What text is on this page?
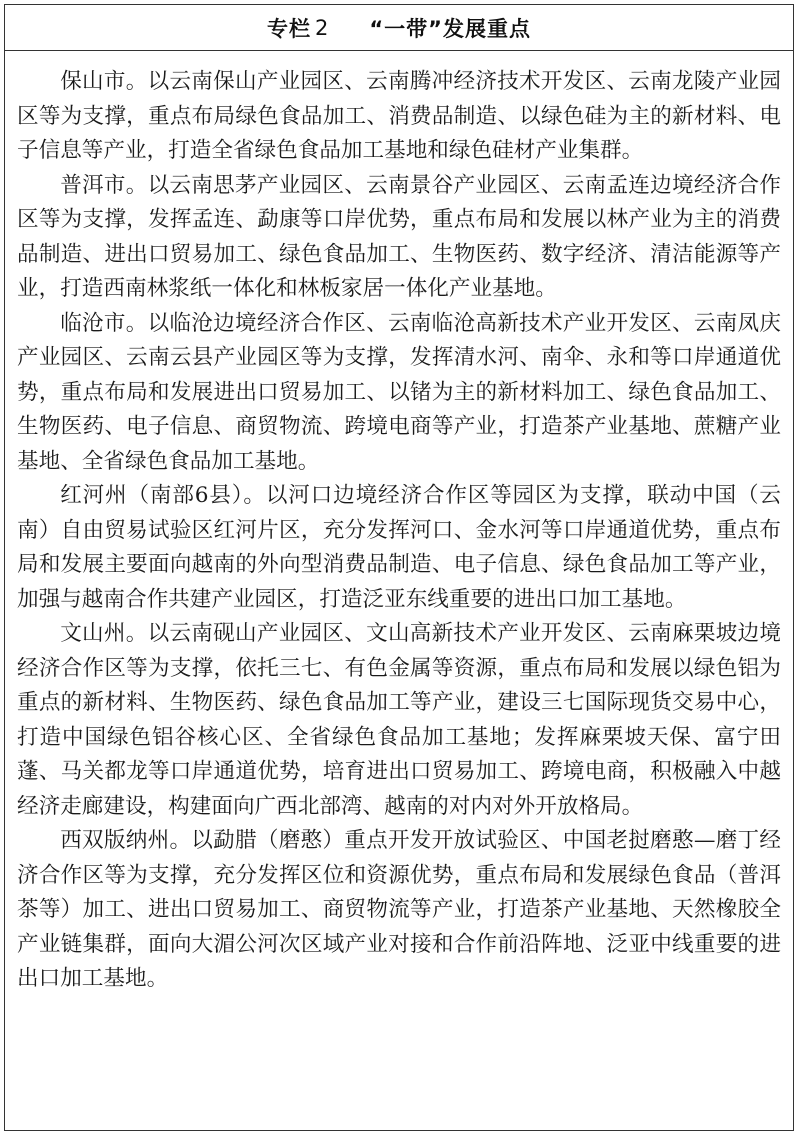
专栏 2 “一带”发展重点

保山市。以云南保山产业园区、云南腾冲经济技术开发区、云南龙陵产业园区等为支撑，重点布局绿色食品加工、消费品制造、以绿色硅为主的新材料、电子信息等产业，打造全省绿色食品加工基地和绿色硅材产业集群。

普洱市。以云南思茅产业园区、云南景谷产业园区、云南孟连边境经济合作区等为支撑，发挥孟连、勐康等口岸优势，重点布局和发展以林产业为主的消费品制造、进出口贸易加工、绿色食品加工、生物医药、数字经济、清洁能源等产业，打造西南林浆纸一体化和林板家居一体化产业基地。

临沧市。以临沧边境经济合作区、云南临沧高新技术产业开发区、云南凤庆产业园区、云南云县产业园区等为支撑，发挥清水河、南伞、永和等口岸通道优势，重点布局和发展进出口贸易加工、以锗为主的新材料加工、绿色食品加工、生物医药、电子信息、商贸物流、跨境电商等产业，打造茶产业基地、蔗糖产业基地、全省绿色食品加工基地。

红河州（南部6县）。以河口边境经济合作区等园区为支撑，联动中国（云南）自由贸易试验区红河片区，充分发挥河口、金水河等口岸通道优势，重点布局和发展主要面向越南的外向型消费品制造、电子信息、绿色食品加工等产业，加强与越南合作共建产业园区，打造泛亚东线重要的进出口加工基地。

文山州。以云南砚山产业园区、文山高新技术产业开发区、云南麻栗坡边境经济合作区等为支撑，依托三七、有色金属等资源，重点布局和发展以绿色铝为重点的新材料、生物医药、绿色食品加工等产业，建设三七国际现货交易中心，打造中国绿色铝谷核心区、全省绿色食品加工基地；发挥麻栗坡天保、富宁田蓬、马关都龙等口岸通道优势，培育进出口贸易加工、跨境电商，积极融入中越经济走廊建设，构建面向广西北部湾、越南的对内对外开放格局。

西双版纳州。以勐腊（磨憨）重点开发开放试验区、中国老挝磨憨—磨丁经济合作区等为支撑，充分发挥区位和资源优势，重点布局和发展绿色食品（普洱茶等）加工、进出口贸易加工、商贸物流等产业，打造茶产业基地、天然橡胶全产业链集群，面向大湄公河次区域产业对接和合作前沿阵地、泛亚中线重要的进出口加工基地。
